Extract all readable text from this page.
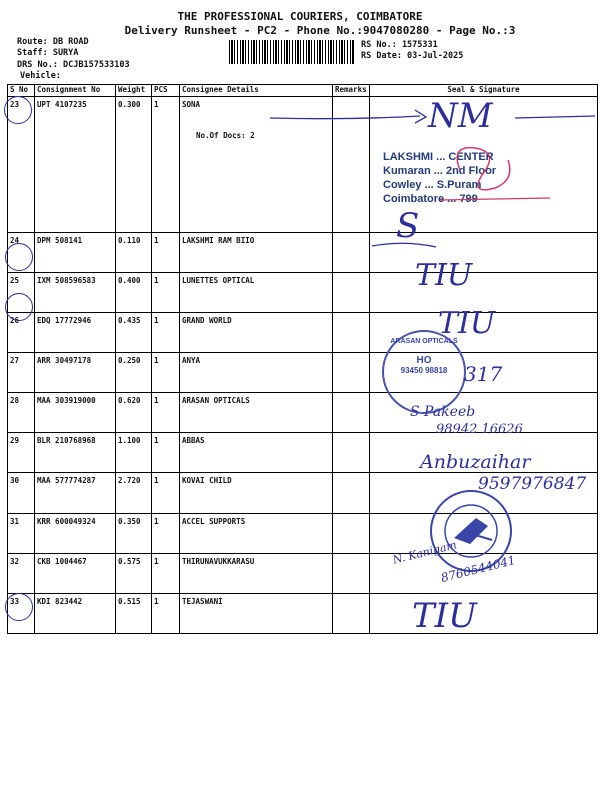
THE PROFESSIONAL COURIERS, COIMBATORE
Delivery Runsheet - PC2 - Phone No.:9047080280 - Page No.:3
Route: DB ROAD
Staff: SURYA
DRS No.: DCJB157533103
Vehicle:
RS No.: 1575331
RS Date: 03-Jul-2025
S No	Consignment No	Weight	PCS	Consignee Details	Remarks	Seal & Signature
23	UPT 4107235	0.300	1	SONA
No.Of Docs: 2		

24	DPM 508141	0.110	1	LAKSHMI RAM BIIO		
25	IXM 508596583	0.400	1	LUNETTES OPTICAL		
26	EDQ 17772946	0.435	1	GRAND WORLD		
27	ARR 30497178	0.250	1	ANYA		
28	MAA 303919000	0.620	1	ARASAN OPTICALS		
29	BLR 210768968	1.100	1	ABBAS		
30	MAA 577774287	2.720	1	KOVAI CHILD		
31	KRR 600049324	0.350	1	ACCEL SUPPORTS		
32	CKB 1004467	0.575	1	THIRUNAVUKKARASU		
33	KDI 823442	0.515	1	TEJASWANI		
NM
LAKSHMI ... CENTER
Kumaran ... 2nd Floor
Cowley ... S.Puram
Coimbatore ... 799
S
TIU
TIU
ARASAN OPTICALS
HO
93450 98818 317
S Pakeeb
98942 16626
Anbuzaihar
9597976847
N. Kanigam
8760544041
TIU
